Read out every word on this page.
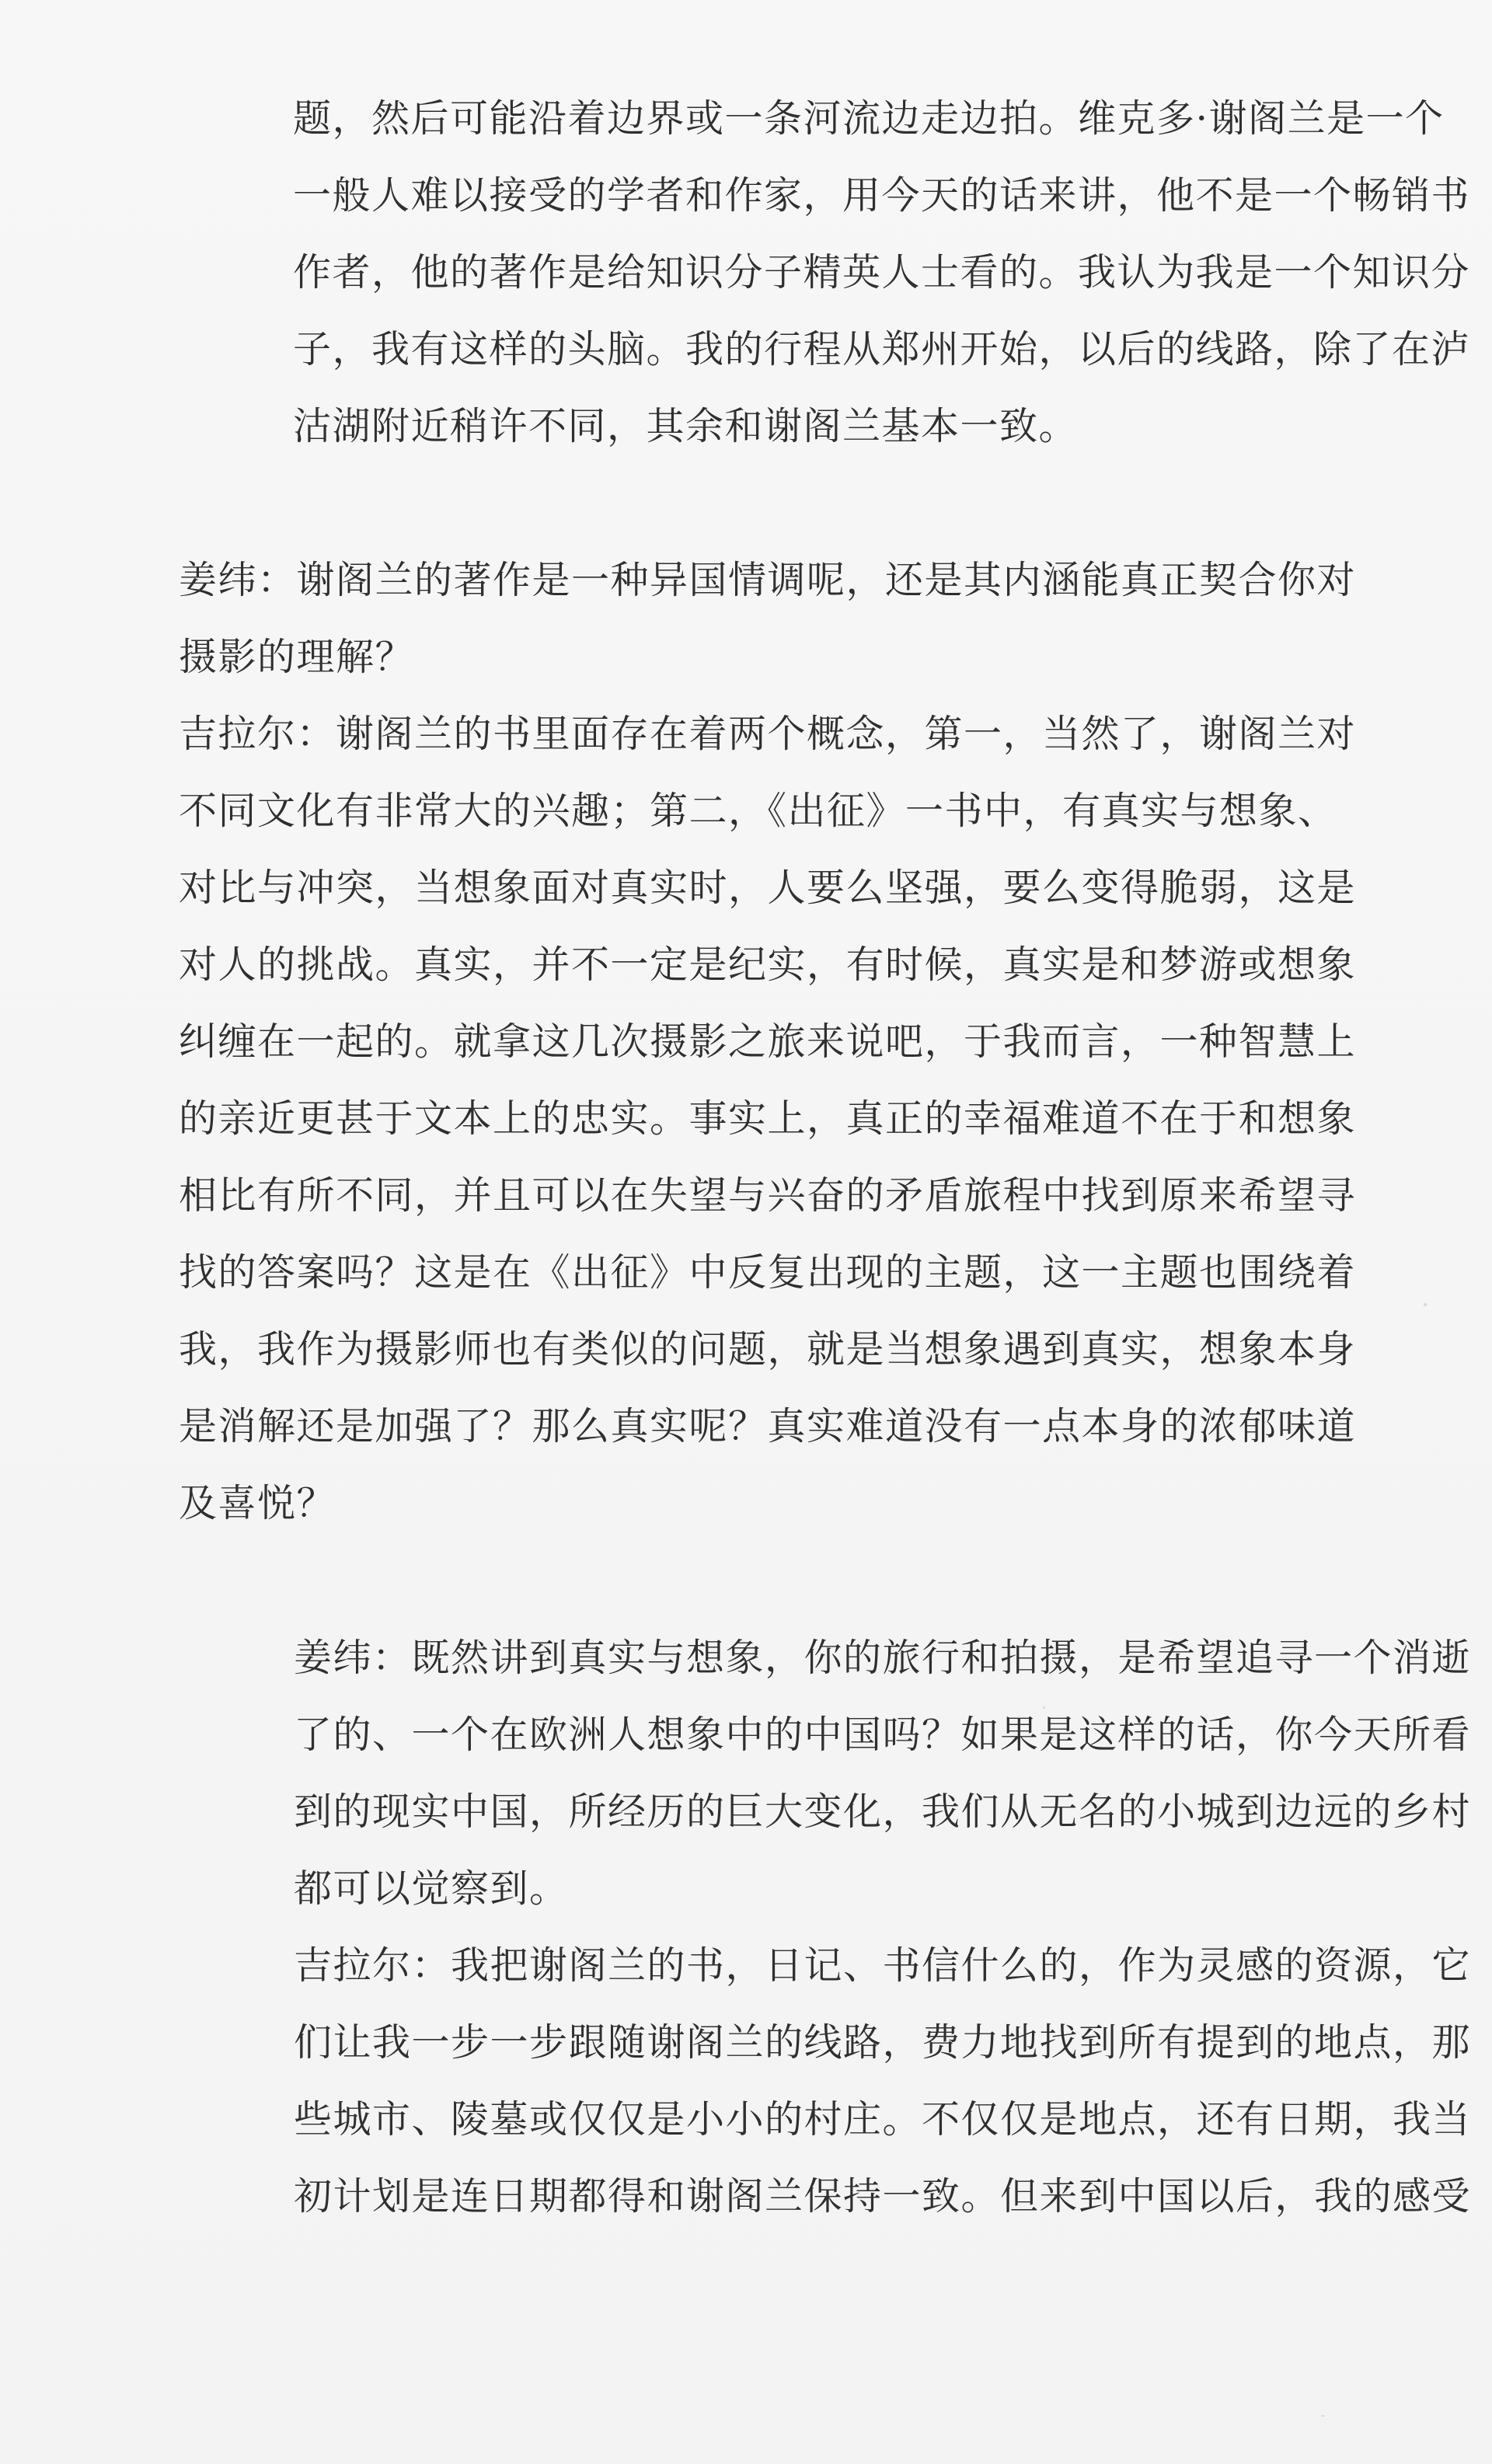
题，然后可能沿着边界或一条河流边走边拍。维克多·谢阁兰是一个
一般人难以接受的学者和作家，用今天的话来讲，他不是一个畅销书
作者，他的著作是给知识分子精英人士看的。我认为我是一个知识分
子，我有这样的头脑。我的行程从郑州开始，以后的线路，除了在泸
沽湖附近稍许不同，其余和谢阁兰基本一致。
姜纬：谢阁兰的著作是一种异国情调呢，还是其内涵能真正契合你对
摄影的理解？
吉拉尔：谢阁兰的书里面存在着两个概念，第一，当然了，谢阁兰对
不同文化有非常大的兴趣；第二，《出征》一书中，有真实与想象、
对比与冲突，当想象面对真实时，人要么坚强，要么变得脆弱，这是
对人的挑战。真实，并不一定是纪实，有时候，真实是和梦游或想象
纠缠在一起的。就拿这几次摄影之旅来说吧，于我而言，一种智慧上
的亲近更甚于文本上的忠实。事实上，真正的幸福难道不在于和想象
相比有所不同，并且可以在失望与兴奋的矛盾旅程中找到原来希望寻
找的答案吗？这是在《出征》中反复出现的主题，这一主题也围绕着
我，我作为摄影师也有类似的问题，就是当想象遇到真实，想象本身
是消解还是加强了？那么真实呢？真实难道没有一点本身的浓郁味道
及喜悦？
姜纬：既然讲到真实与想象，你的旅行和拍摄，是希望追寻一个消逝
了的、一个在欧洲人想象中的中国吗？如果是这样的话，你今天所看
到的现实中国，所经历的巨大变化，我们从无名的小城到边远的乡村
都可以觉察到。
吉拉尔：我把谢阁兰的书，日记、书信什么的，作为灵感的资源，它
们让我一步一步跟随谢阁兰的线路，费力地找到所有提到的地点，那
些城市、陵墓或仅仅是小小的村庄。不仅仅是地点，还有日期，我当
初计划是连日期都得和谢阁兰保持一致。但来到中国以后，我的感受
